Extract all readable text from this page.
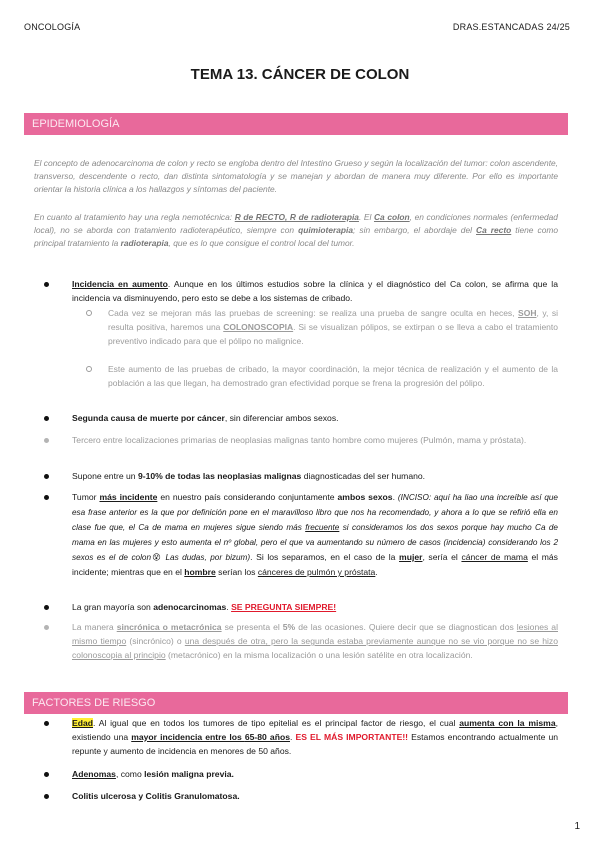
ONCOLOGÍA	DRAS.ESTANCADAS 24/25
TEMA 13. CÁNCER DE COLON
EPIDEMIOLOGÍA
El concepto de adenocarcinoma de colon y recto se engloba dentro del Intestino Grueso y según la localización del tumor: colon ascendente, transverso, descendente o recto, dan distinta sintomatología y se manejan y abordan de manera muy diferente. Por ello es importante orientar la historia clínica a los hallazgos y síntomas del paciente.
En cuanto al tratamiento hay una regla nemotécnica: R de RECTO, R de radioterapia. El Ca colon, en condiciones normales (enfermedad local), no se aborda con tratamiento radioterapéutico, siempre con quimioterapia; sin embargo, el abordaje del Ca recto tiene como principal tratamiento la radioterapia, que es lo que consigue el control local del tumor.
Incidencia en aumento. Aunque en los últimos estudios sobre la clínica y el diagnóstico del Ca colon, se afirma que la incidencia va disminuyendo, pero esto se debe a los sistemas de cribado.
Cada vez se mejoran más las pruebas de screening: se realiza una prueba de sangre oculta en heces, SOH, y, si resulta positiva, haremos una COLONOSCOPIA. Si se visualizan pólipos, se extirpan o se lleva a cabo el tratamiento preventivo indicado para que el pólipo no malignice.
Este aumento de las pruebas de cribado, la mayor coordinación, la mejor técnica de realización y el aumento de la población a las que llegan, ha demostrado gran efectividad porque se frena la progresión del pólipo.
Segunda causa de muerte por cáncer, sin diferenciar ambos sexos.
Tercero entre localizaciones primarias de neoplasias malignas tanto hombre como mujeres (Pulmón, mama y próstata).
Supone entre un 9-10% de todas las neoplasias malignas diagnosticadas del ser humano.
Tumor más incidente en nuestro país considerando conjuntamente ambos sexos. (INCISO: aquí ha liao una increíble así que esa frase anterior es la que por definición pone en el maravilloso libro que nos ha recomendado, y ahora a lo que se refirió ella en clase fue que, el Ca de mama en mujeres sigue siendo más frecuente si consideramos los dos sexos porque hay mucho Ca de mama en las mujeres y esto aumenta el nº global, pero el que va aumentando su número de casos (incidencia) considerando los 2 sexos es el de colon😵 Las dudas, por bizum). Si los separamos, en el caso de la mujer, sería el cáncer de mama el más incidente; mientras que en el hombre serían los cánceres de pulmón y próstata.
La gran mayoría son adenocarcinomas. SE PREGUNTA SIEMPRE!
La manera sincrónica o metacrónica se presenta el 5% de las ocasiones. Quiere decir que se diagnostican dos lesiones al mismo tiempo (sincrónico) o una después de otra, pero la segunda estaba previamente aunque no se vio porque no se hizo colonoscopia al principio (metacrónico) en la misma localización o una lesión satélite en otra localización.
FACTORES DE RIESGO
Edad. Al igual que en todos los tumores de tipo epitelial es el principal factor de riesgo, el cual aumenta con la misma, existiendo una mayor incidencia entre los 65-80 años. ES EL MÁS IMPORTANTE!! Estamos encontrando actualmente un repunte y aumento de incidencia en menores de 50 años.
Adenomas, como lesión maligna previa.
Colitis ulcerosa y Colitis Granulomatosa.
1
